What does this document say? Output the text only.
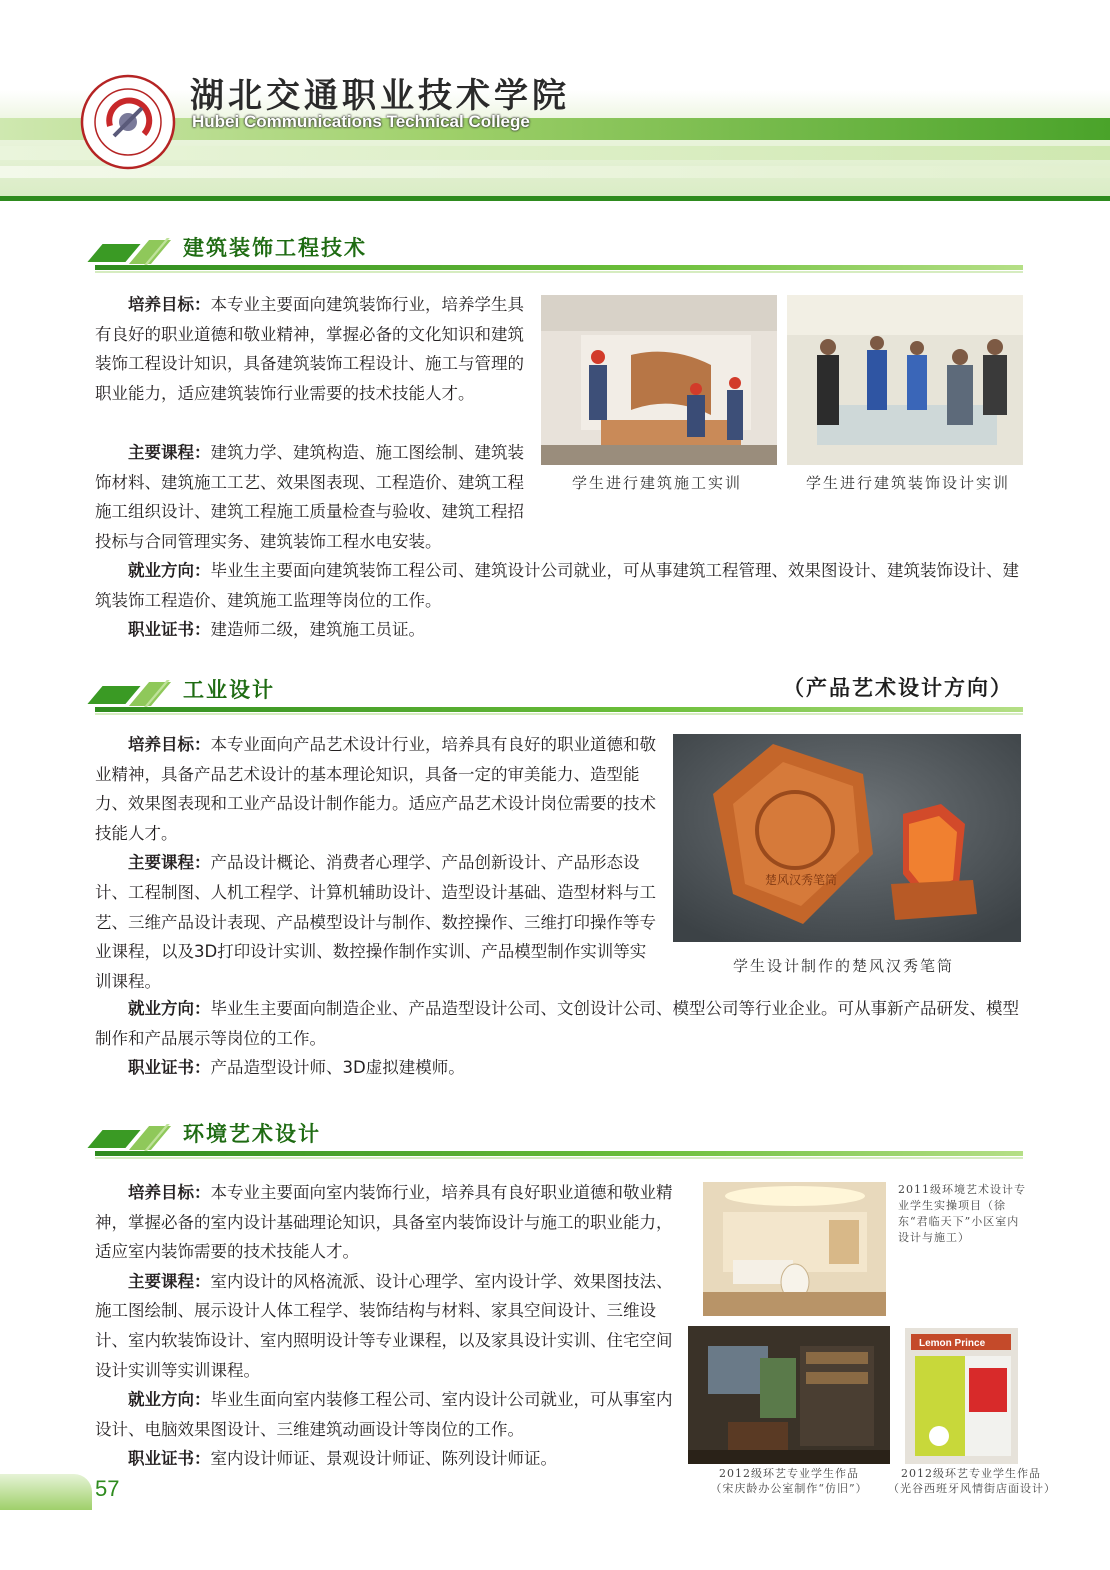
湖北交通职业技术学院
Hubei Communications Technical College
建筑装饰工程技术

培养目标：本专业主要面向建筑装饰行业，培养学生具有良好的职业道德和敬业精神，掌握必备的文化知识和建筑装饰工程设计知识，具备建筑装饰工程设计、施工与管理的职业能力，适应建筑装饰行业需要的技术技能人才。

主要课程：建筑力学、建筑构造、施工图绘制、建筑装饰材料、建筑施工工艺、效果图表现、工程造价、建筑工程施工组织设计、建筑工程施工质量检查与验收、建筑工程招投标与合同管理实务、建筑装饰工程水电安装。

就业方向：毕业生主要面向建筑装饰工程公司、建筑设计公司就业，可从事建筑工程管理、效果图设计、建筑装饰设计、建筑装饰工程造价、建筑施工监理等岗位的工作。

职业证书：建造师二级，建筑施工员证。

学生进行建筑施工实训	学生进行建筑装饰设计实训
工业设计	（产品艺术设计方向）

培养目标：本专业面向产品艺术设计行业，培养具有良好的职业道德和敬业精神，具备产品艺术设计的基本理论知识，具备一定的审美能力、造型能力、效果图表现和工业产品设计制作能力。适应产品艺术设计岗位需要的技术技能人才。

主要课程：产品设计概论、消费者心理学、产品创新设计、产品形态设计、工程制图、人机工程学、计算机辅助设计、造型设计基础、造型材料与工艺、三维产品设计表现、产品模型设计与制作、数控操作、三维打印操作等专业课程，以及3D打印设计实训、数控操作制作实训、产品模型制作实训等实训课程。

就业方向：毕业生主要面向制造企业、产品造型设计公司、文创设计公司、模型公司等行业企业。可从事新产品研发、模型制作和产品展示等岗位的工作。

职业证书：产品造型设计师、3D虚拟建模师。

楚风汉秀笔筒
学生设计制作的楚风汉秀笔筒
环境艺术设计

培养目标：本专业主要面向室内装饰行业，培养具有良好职业道德和敬业精神，掌握必备的室内设计基础理论知识，具备室内装饰设计与施工的职业能力，适应室内装饰需要的技术技能人才。

主要课程：室内设计的风格流派、设计心理学、室内设计学、效果图技法、施工图绘制、展示设计人体工程学、装饰结构与材料、家具空间设计、三维设计、室内软装饰设计、室内照明设计等专业课程，以及家具设计实训、住宅空间设计实训等实训课程。

就业方向：毕业生面向室内装修工程公司、室内设计公司就业，可从事室内设计、电脑效果图设计、三维建筑动画设计等岗位的工作。

职业证书：室内设计师证、景观设计师证、陈列设计师证。

2011级环境艺术设计专业学生实操项目（徐东“君临天下”小区室内设计与施工）
Lemon Prince
2012级环艺专业学生作品
（宋庆龄办公室制作“仿旧”）
2012级环艺专业学生作品
（光谷西班牙风情街店面设计）
57
